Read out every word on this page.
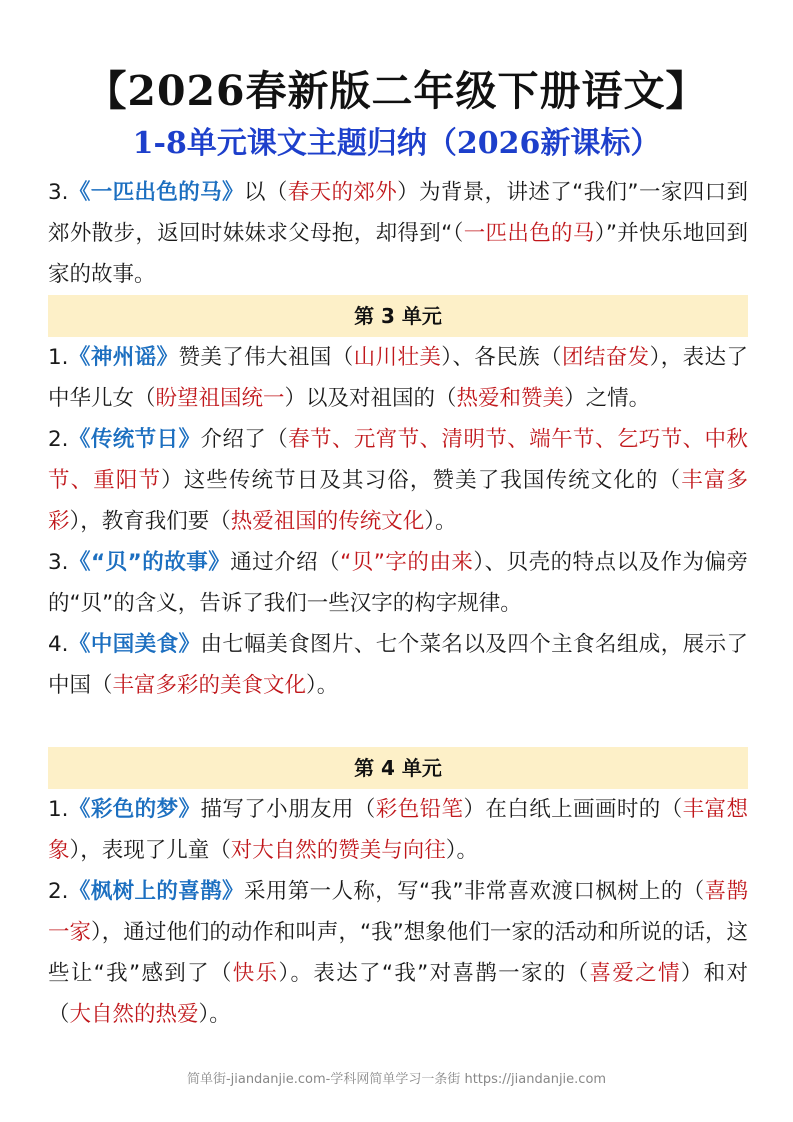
【2026春新版二年级下册语文】
1-8单元课文主题归纳（2026新课标）

3.《一匹出色的马》以（春天的郊外）为背景，讲述了“我们”一家四口到郊外散步，返回时妹妹求父母抱，却得到“（一匹出色的马）”并快乐地回到家的故事。

第 3 单元

1.《神州谣》赞美了伟大祖国（山川壮美）、各民族（团结奋发），表达了中华儿女（盼望祖国统一）以及对祖国的（热爱和赞美）之情。

2.《传统节日》介绍了（春节、元宵节、清明节、端午节、乞巧节、中秋节、重阳节）这些传统节日及其习俗，赞美了我国传统文化的（丰富多彩），教育我们要（热爱祖国的传统文化）。

3.《“贝”的故事》通过介绍（“贝”字的由来）、贝壳的特点以及作为偏旁的“贝”的含义，告诉了我们一些汉字的构字规律。

4.《中国美食》由七幅美食图片、七个菜名以及四个主食名组成，展示了中国（丰富多彩的美食文化）。

第 4 单元

1.《彩色的梦》描写了小朋友用（彩色铅笔）在白纸上画画时的（丰富想象），表现了儿童（对大自然的赞美与向往）。

2.《枫树上的喜鹊》采用第一人称，写“我”非常喜欢渡口枫树上的（喜鹊一家），通过他们的动作和叫声，“我”想象他们一家的活动和所说的话，这些让“我”感到了（快乐）。表达了“我”对喜鹊一家的（喜爱之情）和对（大自然的热爱）。

简单街-jiandanjie.com-学科网简单学习一条街 https://jiandanjie.com
